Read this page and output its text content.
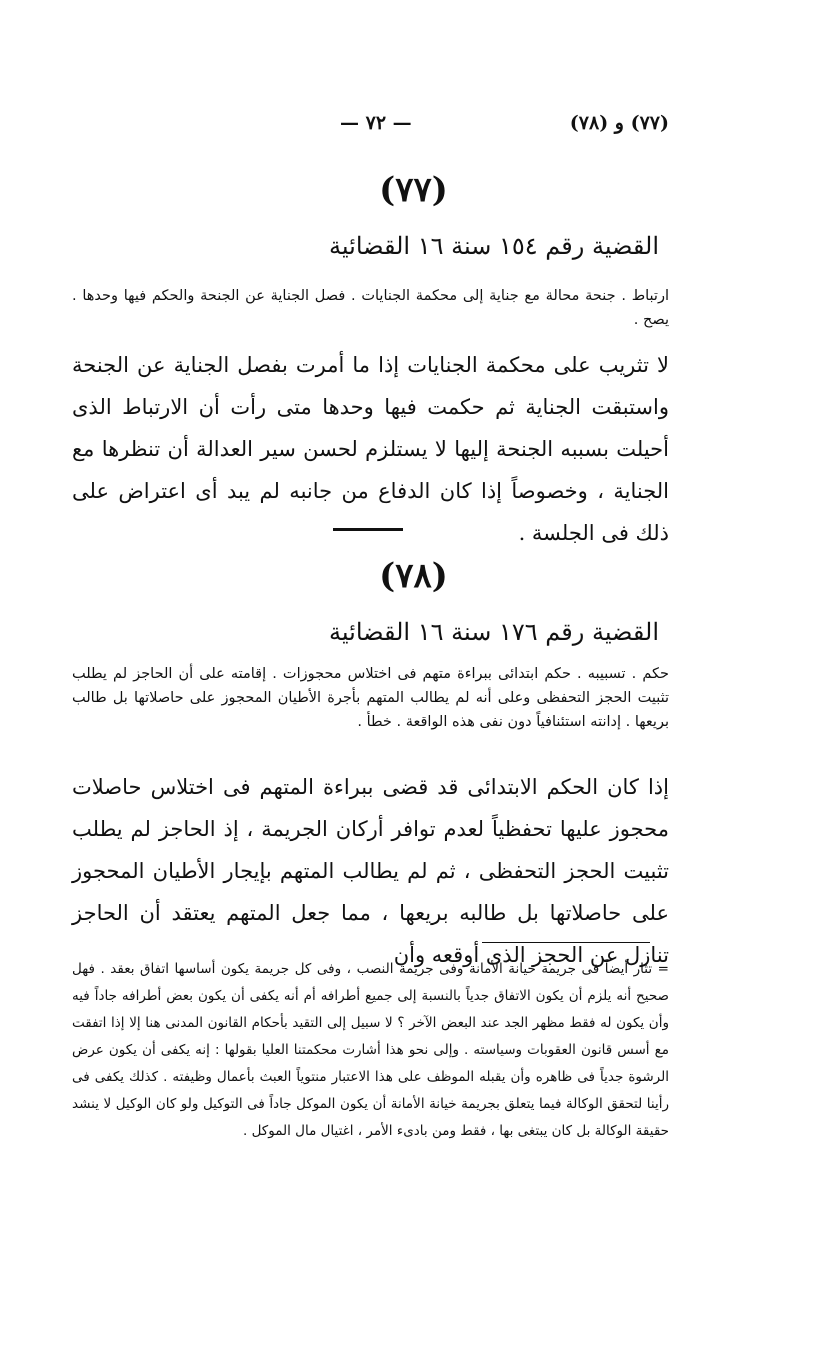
(٧٧) و (٧٨)
— ٧٢ —
(٧٧)
القضية رقم ١٥٤ سنة ١٦ القضائية
ارتباط . جنحة محالة مع جناية إلى محكمة الجنايات . فصل الجناية عن الجنحة والحكم فيها وحدها . يصح .
لا تثريب على محكمة الجنايات إذا ما أمرت بفصل الجناية عن الجنحة واستبقت الجناية ثم حكمت فيها وحدها متى رأت أن الارتباط الذى أحيلت بسببه الجنحة إليها لا يستلزم لحسن سير العدالة أن تنظرها مع الجناية ، وخصوصاً إذا كان الدفاع من جانبه لم يبد أى اعتراض على ذلك فى الجلسة .
(٧٨)
القضية رقم ١٧٦ سنة ١٦ القضائية
حكم . تسبيبه . حكم ابتدائى ببراءة متهم فى اختلاس محجوزات . إقامته على أن الحاجز لم يطلب تثبيت الحجز التحفظى وعلى أنه لم يطالب المتهم بأجرة الأطيان المحجوز على حاصلاتها بل طالب بريعها . إدانته استئنافياً دون نفى هذه الواقعة . خطأ .
إذا كان الحكم الابتدائى قد قضى ببراءة المتهم فى اختلاس حاصلات محجوز عليها تحفظياً لعدم توافر أركان الجريمة ، إذ الحاجز لم يطلب تثبيت الحجز التحفظى ، ثم لم يطالب المتهم بإيجار الأطيان المحجوز على حاصلاتها بل طالبه بريعها ، مما جعل المتهم يعتقد أن الحاجز تنازل عن الحجز الذى أوقعه وأن
= تثار أيضاً فى جريمة خيانة الأمانة وفى جريمة النصب ، وفى كل جريمة يكون أساسها اتفاق بعقد . فهل صحيح أنه يلزم أن يكون الاتفاق جدياً بالنسبة إلى جميع أطرافه أم أنه يكفى أن يكون بعض أطرافه جاداً فيه وأن يكون له فقط مظهر الجد عند البعض الآخر ؟ لا سبيل إلى التقيد بأحكام القانون المدنى هنا إلا إذا اتفقت مع أسس قانون العقوبات وسياسته . وإلى نحو هذا أشارت محكمتنا العليا بقولها : إنه يكفى أن يكون عرض الرشوة جدياً فى ظاهره وأن يقبله الموظف على هذا الاعتبار منتوياً العبث بأعمال وظيفته . كذلك يكفى فى رأينا لتحقق الوكالة فيما يتعلق بجريمة خيانة الأمانة أن يكون الموكل جاداً فى التوكيل ولو كان الوكيل لا ينشد حقيقة الوكالة بل كان يبتغى بها ، فقط ومن بادىء الأمر ، اغتيال مال الموكل .
